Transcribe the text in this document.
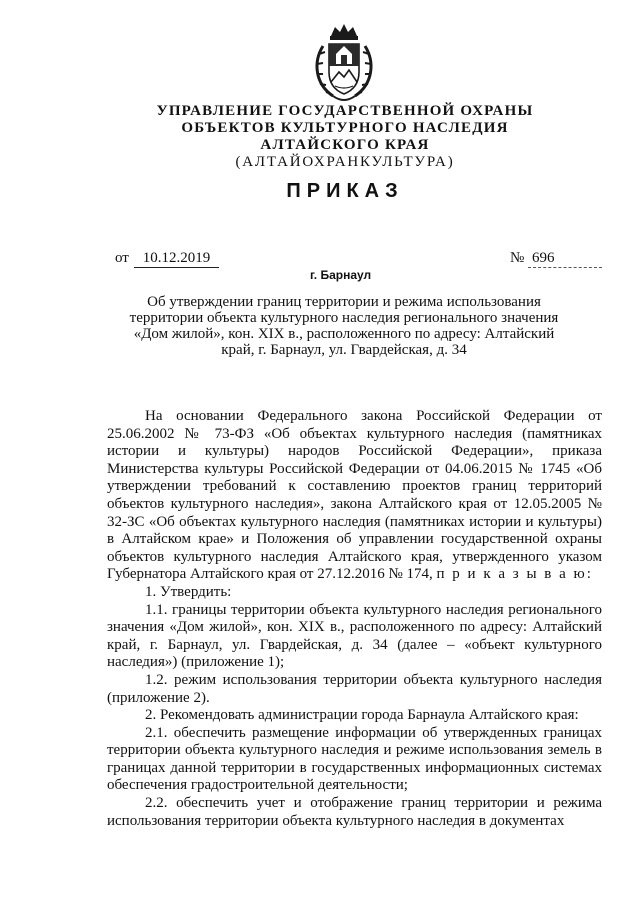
УПРАВЛЕНИЕ ГОСУДАРСТВЕННОЙ ОХРАНЫ
ОБЪЕКТОВ КУЛЬТУРНОГО НАСЛЕДИЯ
АЛТАЙСКОГО КРАЯ
(АЛТАЙОХРАНКУЛЬТУРА)
ПРИКАЗ
от 10.12.2019	№ 696
г. Барнаул
Об утверждении границ территории и режима использования территории объекта культурного наследия регионального значения «Дом жилой», кон. XIX в., расположенного по адресу: Алтайский край, г. Барнаул, ул. Гвардейская, д. 34

На основании Федерального закона Российской Федерации от 25.06.2002 № 73-ФЗ «Об объектах культурного наследия (памятниках истории и культуры) народов Российской Федерации», приказа Министерства культуры Российской Федерации от 04.06.2015 № 1745 «Об утверждении требований к составлению проектов границ территорий объектов культурного наследия», закона Алтайского края от 12.05.2005 № 32-ЗС «Об объектах культурного наследия (памятниках истории и культуры) в Алтайском крае» и Положения об управлении государственной охраны объектов культурного наследия Алтайского края, утвержденного указом Губернатора Алтайского края от 27.12.2016 № 174, п р и к а з ы в а ю:

1. Утвердить:

1.1. границы территории объекта культурного наследия регионального значения «Дом жилой», кон. XIX в., расположенного по адресу: Алтайский край, г. Барнаул, ул. Гвардейская, д. 34 (далее – «объект культурного наследия») (приложение 1);

1.2. режим использования территории объекта культурного наследия (приложение 2).

2. Рекомендовать администрации города Барнаула Алтайского края:

2.1. обеспечить размещение информации об утвержденных границах территории объекта культурного наследия и режиме использования земель в границах данной территории в государственных информационных системах обеспечения градостроительной деятельности;

2.2. обеспечить учет и отображение границ территории и режима использования территории объекта культурного наследия в документах
